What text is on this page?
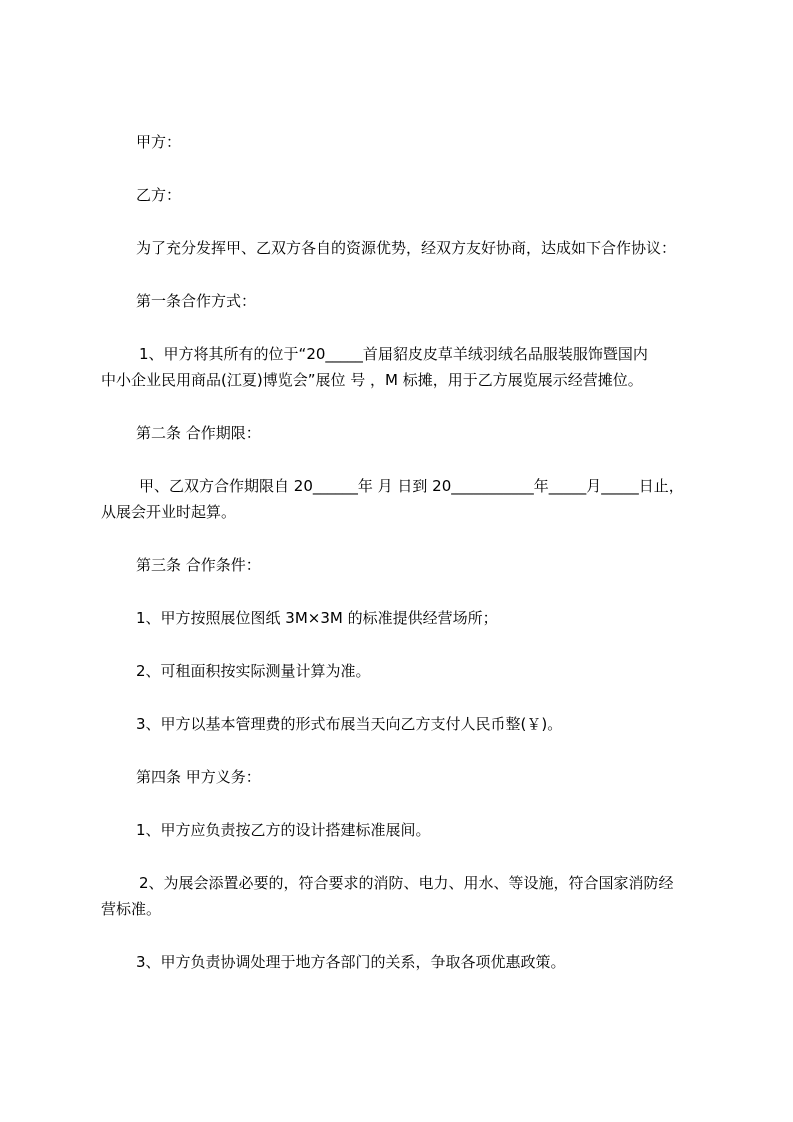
甲方：
乙方：
为了充分发挥甲、乙双方各自的资源优势，经双方友好协商，达成如下合作协议：
第一条合作方式：
1、甲方将其所有的位于“20_____首届貂皮皮草羊绒羽绒名品服装服饰暨国内
中小企业民用商品(江夏)博览会”展位 号 ，M 标摊，用于乙方展览展示经营摊位。
第二条 合作期限：
甲、乙双方合作期限自 20______年 月 日到 20___________年_____月_____日止，
从展会开业时起算。
第三条 合作条件：
1、甲方按照展位图纸 3M×3M 的标准提供经营场所；
2、可租面积按实际测量计算为准。
3、甲方以基本管理费的形式布展当天向乙方支付人民币整(￥)。
第四条 甲方义务：
1、甲方应负责按乙方的设计搭建标准展间。
2、为展会添置必要的，符合要求的消防、电力、用水、等设施，符合国家消防经
营标准。
3、甲方负责协调处理于地方各部门的关系，争取各项优惠政策。
